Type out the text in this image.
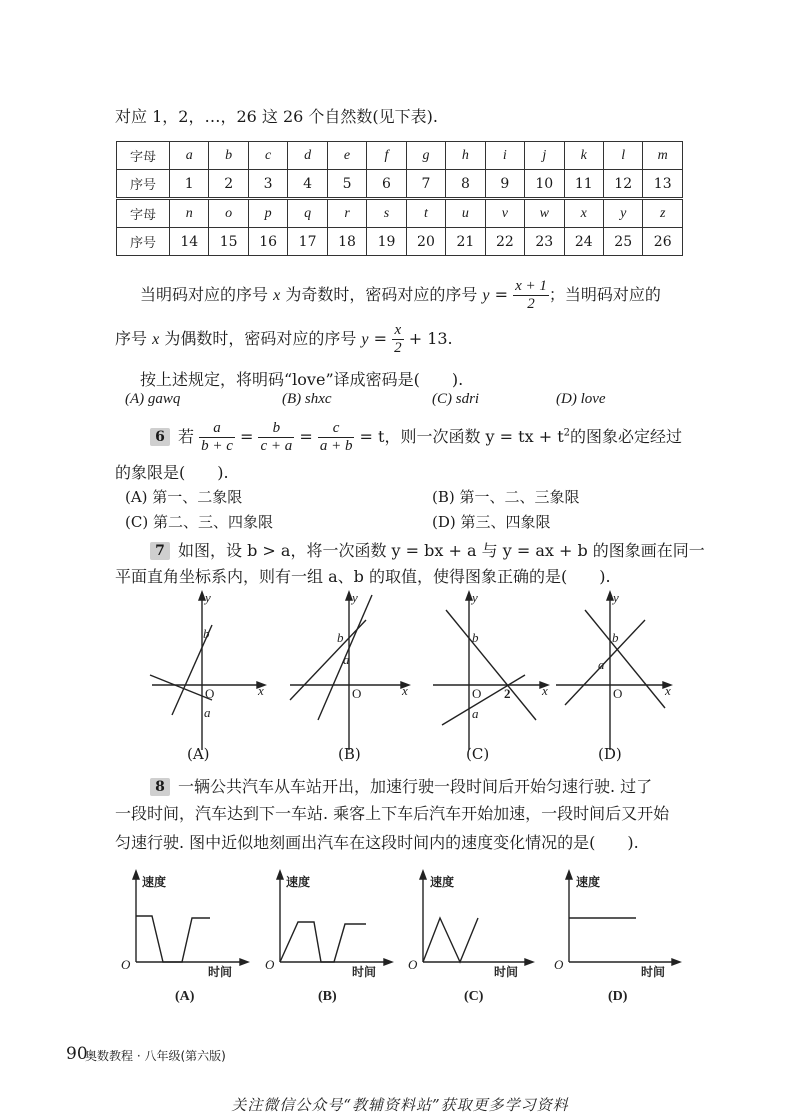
对应 1，2，…，26 这 26 个自然数(见下表).
字母	a	b	c	d	e	f	g	h	i	j	k	l	m
序号	1	2	3	4	5	6	7	8	9	10	11	12	13
字母	n	o	p	q	r	s	t	u	v	w	x	y	z
序号	14	15	16	17	18	19	20	21	22	23	24	25	26
当明码对应的序号 x 为奇数时，密码对应的序号 $y = \frac{x + 1}{2}$ ；当明码对应的
序号 x 为偶数时，密码对应的序号 $y = \frac{x}{2} + 13$.
按上述规定，将明码“love”译成密码是(　　).
(A) gawq	(B) shxc	(C) sdri	(D) love
6 若 $\frac{a}{b + c} = \frac{b}{c + a} = \frac{c}{a + b} = t$，则一次函数 y = tx + $t^2$的图象必定经过
的象限是(　　).
(A) 第一、二象限	(B) 第一、二、三象限
(C) 第二、三、四象限	(D) 第三、四象限
7 如图，设 b > a，将一次函数 y = bx + a 与 y = ax + b 的图象画在同一
平面直角坐标系内，则有一组 a、b 的取值，使得图象正确的是(　　).
y
x
O
b
a
y
x
O
b
a
y
x
O
b
a
2
y
x
O
b
a
(A)	(B)	(C)	(D)
8 一辆公共汽车从车站开出，加速行驶一段时间后开始匀速行驶. 过了
一段时间，汽车达到下一车站. 乘客上下车后汽车开始加速，一段时间后又开始
匀速行驶. 图中近似地刻画出汽车在这段时间内的速度变化情况的是(　　).
速度
时间
速度
时间
速度
时间
速度
时间
O	O	O	O
(A)	(B)	(C)	(D)
90
奥数教程 · 八年级(第六版)
关注微信公众号“教辅资料站”获取更多学习资料
